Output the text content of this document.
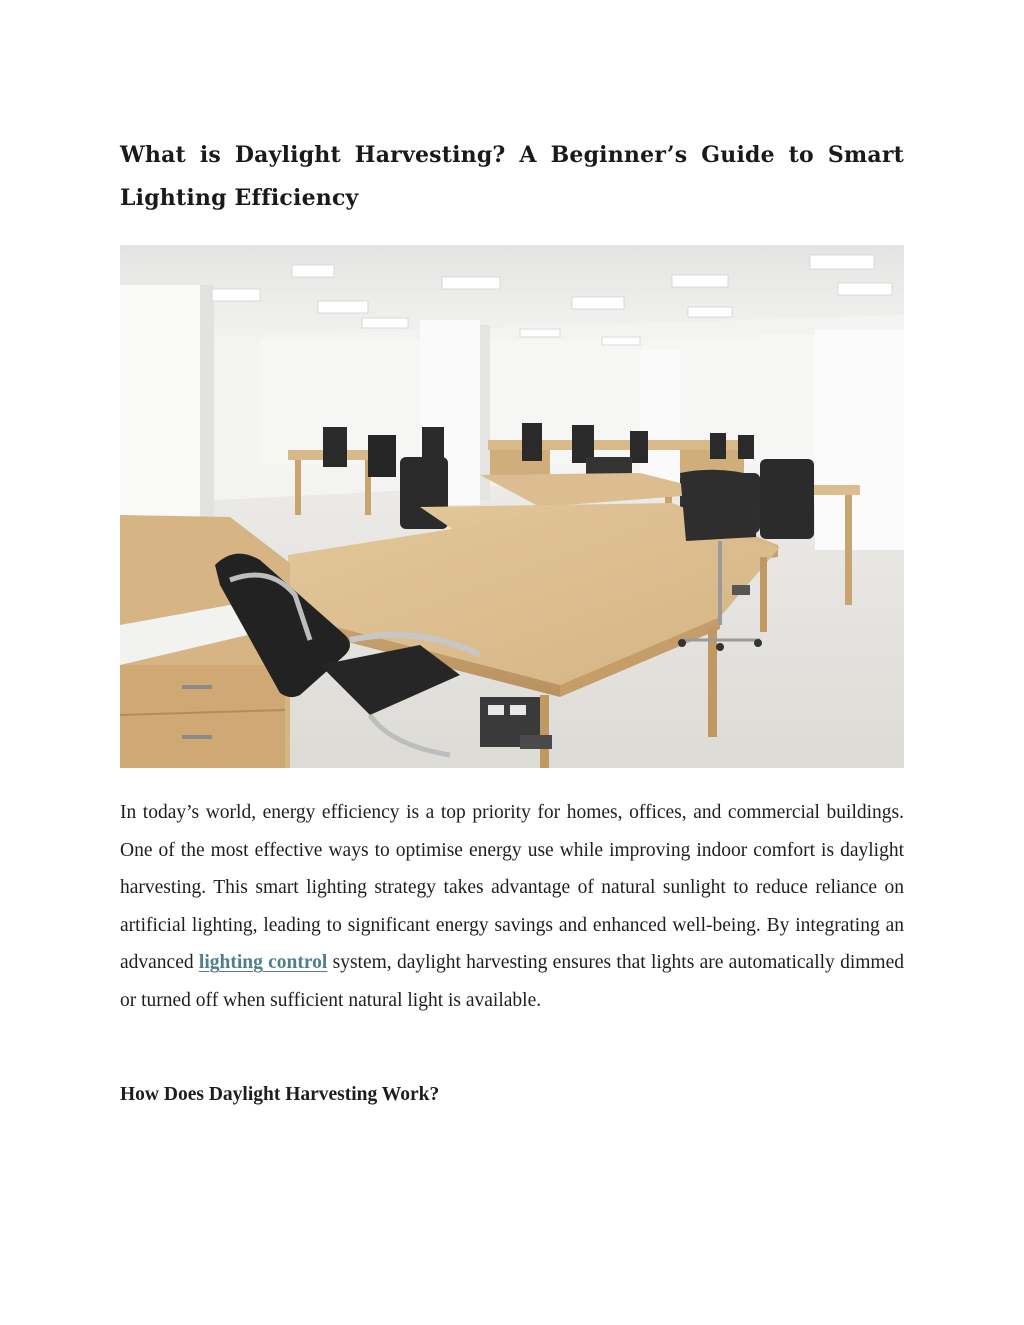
What is Daylight Harvesting? A Beginner’s Guide to Smart Lighting Efficiency

In today’s world, energy efficiency is a top priority for homes, offices, and commercial buildings. One of the most effective ways to optimise energy use while improving indoor comfort is daylight harvesting. This smart lighting strategy takes advantage of natural sunlight to reduce reliance on artificial lighting, leading to significant energy savings and enhanced well-being. By integrating an advanced lighting control system, daylight harvesting ensures that lights are automatically dimmed or turned off when sufficient natural light is available.

How Does Daylight Harvesting Work?
